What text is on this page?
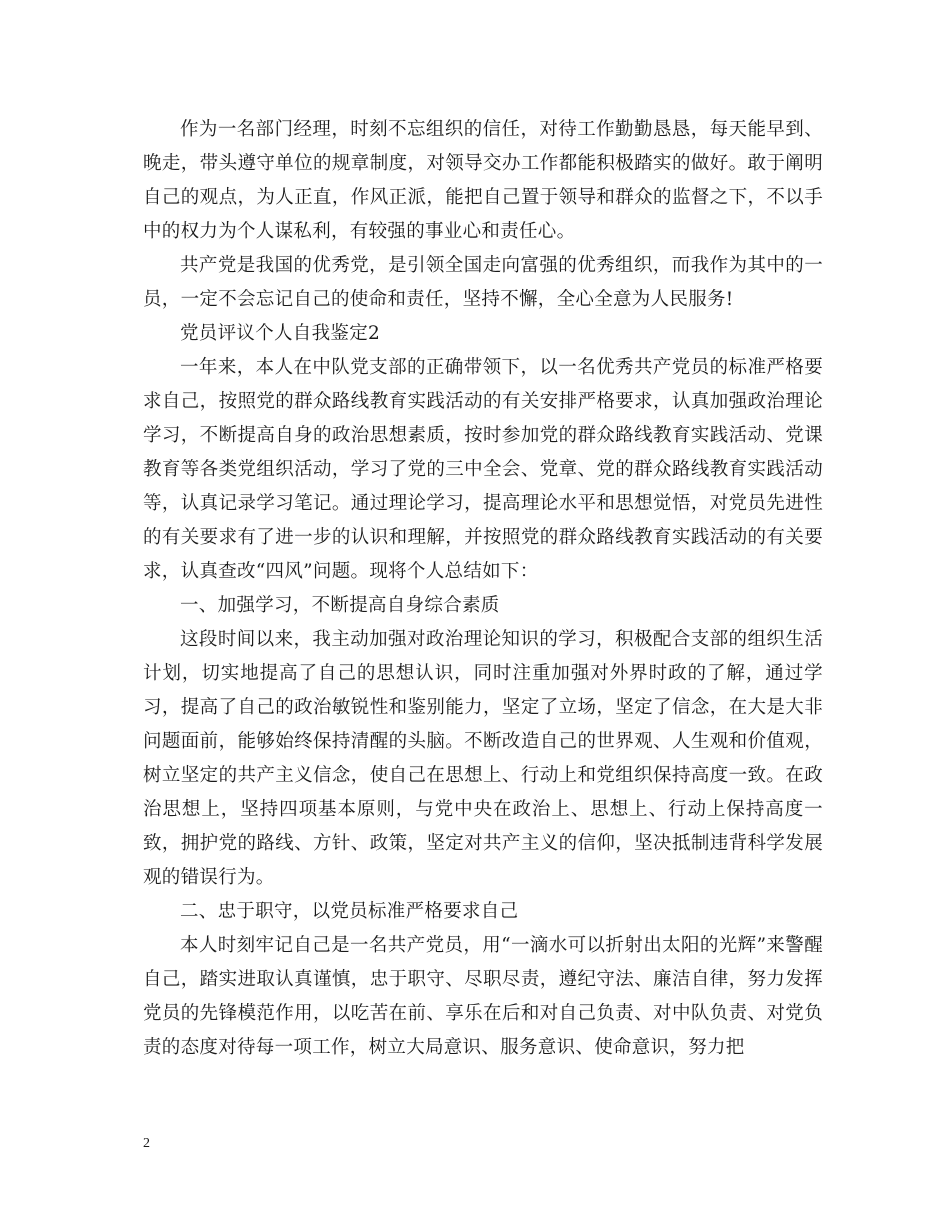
作为一名部门经理，时刻不忘组织的信任，对待工作勤勤恳恳，每天能早到、晚走，带头遵守单位的规章制度，对领导交办工作都能积极踏实的做好。敢于阐明自己的观点，为人正直，作风正派，能把自己置于领导和群众的监督之下，不以手中的权力为个人谋私利，有较强的事业心和责任心。

共产党是我国的优秀党，是引领全国走向富强的优秀组织，而我作为其中的一员，一定不会忘记自己的使命和责任，坚持不懈，全心全意为人民服务!

党员评议个人自我鉴定2

一年来，本人在中队党支部的正确带领下，以一名优秀共产党员的标准严格要求自己，按照党的群众路线教育实践活动的有关安排严格要求，认真加强政治理论学习，不断提高自身的政治思想素质，按时参加党的群众路线教育实践活动、党课教育等各类党组织活动，学习了党的三中全会、党章、党的群众路线教育实践活动等，认真记录学习笔记。通过理论学习，提高理论水平和思想觉悟，对党员先进性的有关要求有了进一步的认识和理解，并按照党的群众路线教育实践活动的有关要求，认真查改“四风”问题。现将个人总结如下：

一、加强学习，不断提高自身综合素质

这段时间以来，我主动加强对政治理论知识的学习，积极配合支部的组织生活计划，切实地提高了自己的思想认识，同时注重加强对外界时政的了解，通过学习，提高了自己的政治敏锐性和鉴别能力，坚定了立场，坚定了信念，在大是大非问题面前，能够始终保持清醒的头脑。不断改造自己的世界观、人生观和价值观，树立坚定的共产主义信念，使自己在思想上、行动上和党组织保持高度一致。在政治思想上，坚持四项基本原则，与党中央在政治上、思想上、行动上保持高度一致，拥护党的路线、方针、政策，坚定对共产主义的信仰，坚决抵制违背科学发展观的错误行为。

二、忠于职守，以党员标准严格要求自己

本人时刻牢记自己是一名共产党员，用“一滴水可以折射出太阳的光辉”来警醒自己，踏实进取认真谨慎，忠于职守、尽职尽责，遵纪守法、廉洁自律，努力发挥党员的先锋模范作用，以吃苦在前、享乐在后和对自己负责、对中队负责、对党负责的态度对待每一项工作，树立大局意识、服务意识、使命意识，努力把

2
